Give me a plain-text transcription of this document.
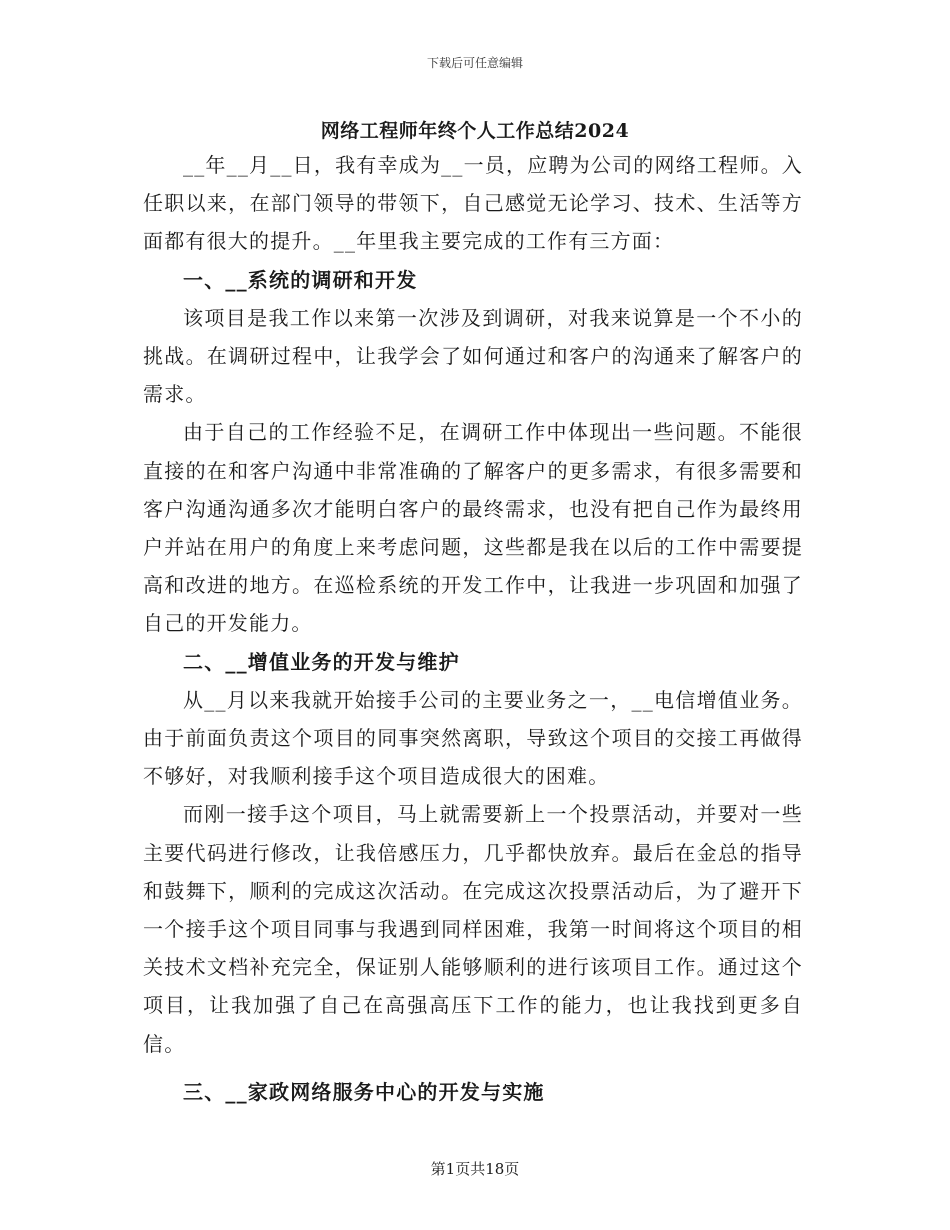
下载后可任意编辑
网络工程师年终个人工作总结2024

__年__月__日，我有幸成为__一员，应聘为公司的网络工程师。入任职以来，在部门领导的带领下，自己感觉无论学习、技术、生活等方面都有很大的提升。__年里我主要完成的工作有三方面：

一、__系统的调研和开发

该项目是我工作以来第一次涉及到调研，对我来说算是一个不小的挑战。在调研过程中，让我学会了如何通过和客户的沟通来了解客户的需求。

由于自己的工作经验不足，在调研工作中体现出一些问题。不能很直接的在和客户沟通中非常准确的了解客户的更多需求，有很多需要和客户沟通沟通多次才能明白客户的最终需求，也没有把自己作为最终用户并站在用户的角度上来考虑问题，这些都是我在以后的工作中需要提高和改进的地方。在巡检系统的开发工作中，让我进一步巩固和加强了自己的开发能力。

二、__增值业务的开发与维护

从__月以来我就开始接手公司的主要业务之一，__电信增值业务。由于前面负责这个项目的同事突然离职，导致这个项目的交接工再做得不够好，对我顺利接手这个项目造成很大的困难。

而刚一接手这个项目，马上就需要新上一个投票活动，并要对一些主要代码进行修改，让我倍感压力，几乎都快放弃。最后在金总的指导和鼓舞下，顺利的完成这次活动。在完成这次投票活动后，为了避开下一个接手这个项目同事与我遇到同样困难，我第一时间将这个项目的相关技术文档补充完全，保证别人能够顺利的进行该项目工作。通过这个项目，让我加强了自己在高强高压下工作的能力，也让我找到更多自信。

三、__家政网络服务中心的开发与实施
第1页共18页
